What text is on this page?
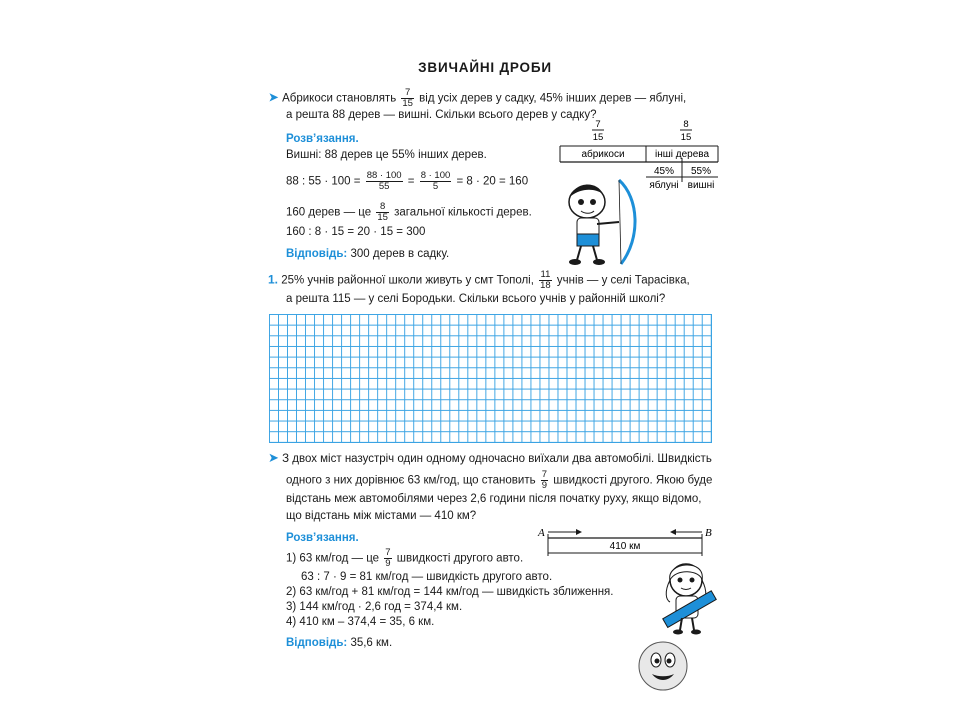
ЗВИЧАЙНІ ДРОБИ
➤ Абрикоси становлять $\frac{7}{15}$ від усіх дерев у садку, 45% інших дерев — яблуні,
а решта 88 дерев — вишні. Скільки всього дерев у садку?
Розв’язання.
Вишні: 88 дерев це 55% інших дерев.
88 : $55 \cdot 100 = \frac{88 \cdot 100}{55} = \frac{8 \cdot 100}{5} = 8 \cdot 20 = 160$
160 дерев — це $\frac{8}{15}$ загальної кількості дерев.
160 : 8 · 15 = 20 · 15 = 300
Відповідь: 300 дерев в садку.
7
15
8
15
абрикоси	інші дерева
45% 55%
яблуні вишні
1. 25% учнів районної школи живуть у смт Тополі, $\frac{11}{18}$ учнів — у селі Тарасівка,
а решта 115 — у селі Бородьки. Скільки всього учнів у районній школі?
➤ З двох міст назустріч один одному одночасно виїхали два автомобілі. Швидкість
одного з них дорівнює 63 км/год, що становить $\frac{7}{9}$ швидкості другого. Якою буде
відстань меж автомобілями через 2,6 години після початку руху, якщо відомо,
що відстань між містами — 410 км?
Розв’язання.
1) 63 км/год — це $\frac{7}{9}$ швидкості другого авто.
63 : 7 · 9 = 81 км/год — швидкість другого авто.
2) 63 км/год + 81 км/год = 144 км/год — швидкість зближення.
3) 144 км/год · 2,6 год = 374,4 км.
4) 410 км – 374,4 = 35, 6 км.
Відповідь: 35,6 км.
A	B
410 км
12
